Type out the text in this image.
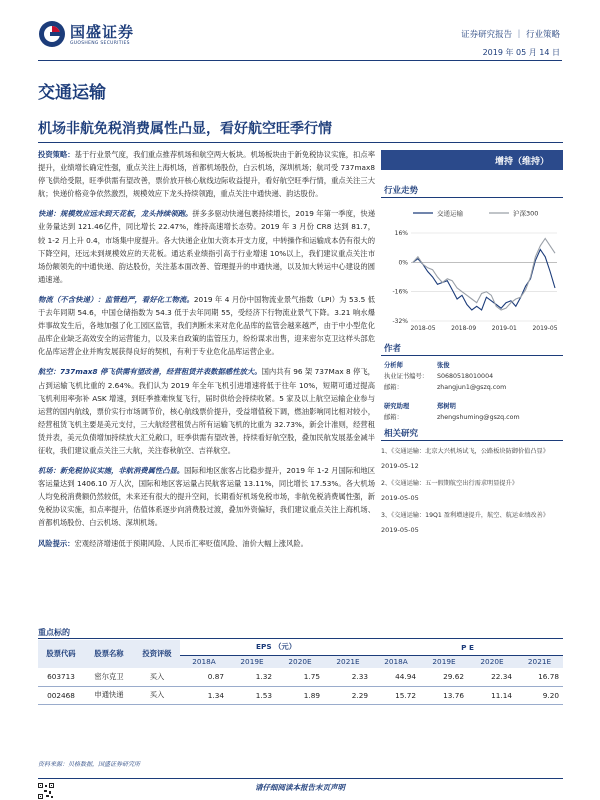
国盛证券
GUOSHENG SECURITIES
证券研究报告 ｜ 行业策略
2019 年 05 月 14 日
交通运输
机场非航免税消费属性凸显，看好航空旺季行情

投资策略：基于行业景气度，我们重点推荐机场和航空两大板块。机场板块由于新免税协议实施，扣点率提升，业绩增长确定性强，重点关注上海机场，首都机场股份，白云机场，深圳机场；航司受 737max8 停飞供给受限，旺季供需有望改善，票价放开核心航线边际收益提升，看好航空旺季行情，重点关注三大航；快递价格竞争依然激烈，规模效应下龙头持续领跑，重点关注中通快递、韵达股份。

快递：规模效应远未到天花板，龙头持续领跑。拼多多驱动快递包裹持续增长，2019 年第一季度，快递业务量达到 121.46亿件，同比增长 22.47%，维持高速增长态势。2019 年 3 月份 CR8 达到 81.7，较 1-2 月上升 0.4，市场集中度提升。各大快递企业加大资本开支力度，中转操作和运输成本仍有很大的下降空间，还远未到规模效应的天花板。通达系业绩指引高于行业增速 10%以上，我们建议重点关注市场份额领先的中通快递、韵达股份，关注基本面改善、管理提升的申通快递，以及加大转运中心建设的圆通速递。

物流（不含快递）：监管趋严，看好化工物流。2019 年 4 月份中国物流业景气指数（LPI）为 53.5 低于去年同期 54.6，中国仓储指数为 54.3 低于去年同期 55，受经济下行物流业景气下降。3.21 响水爆炸事故发生后，各地加强了化工园区监管，我们判断未来对危化品库的监管会越来越严，由于中小型危化品库企业缺乏高效安全的运营能力，以及来自政策的监管压力，纷纷谋求出售，迎来密尔克卫这样头部危化品库运营企业并购发展获得良好的契机，有利于专业危化品库运营企业。

航空：737max8 停飞供需有望改善，经营租赁并表数据感性放大。国内共有 96 架 737Max 8 停飞，占到运输飞机比重的 2.64%。我们认为 2019 年全年飞机引进增速将低于往年 10%，短期可通过提高飞机利用率弥补 ASK 增速，到旺季推难恢复飞行，届时供给会持续收紧。5 家及以上航空运输企业参与运营的国内航线，票价实行市场调节价，核心航线票价提升，受益增值税下调，燃油影响同比相对较小，经营租赁飞机主要是美元支付，三大航经营租赁占所有运输飞机的比重为 32.73%，新会计准则，经营租赁并表，美元负债增加持续放大汇兑敞口，旺季供需有望改善，持续看好航空股，叠加民航发展基金减半征收，我们建议重点关注三大航，关注春秋航空、吉祥航空。

机场：新免税协议实施，非航消费属性凸显。国际和地区旅客占比稳步提升，2019 年 1-2 月国际和地区客运量达到 1406.10 万人次，国际和地区客运量占民航客运量 13.11%，同比增长 17.53%。各大机场人均免税消费额仍然较低，未来还有很大的提升空间，长期看好机场免税市场，非航免税消费属性强，新免税协议实施，扣点率提升，估值体系逐步向消费股过渡，叠加外资偏好，我们建议重点关注上海机场、首都机场股份、白云机场、深圳机场。

风险提示：宏观经济增速低于预期风险、人民币汇率贬值风险、油价大幅上涨风险。

增持（维持）
行业走势
交通运输	沪深300
16%
0%
-16%
-32%
2018-05	2018-09	2019-01	2019-05
作者
分析师	张俊
执业证书编号： S0680518010004
邮箱：	zhangjun1@gszq.com
研究助理	郑树明
邮箱：	zhengshuming@gszq.com
相关研究
1、《交通运输：北京大兴机场试飞，公路板块防御价值凸显》2019-05-12
2、《交通运输：五一假期航空出行需求明显提升》
2019-05-05
3、《交通运输：19Q1 盈利增速提升，航空、航运业绩改善》2019-05-05
重点标的
股票代码	股票名称	投资评级	EPS （元）				P E			
			2018A	2019E	2020E	2021E	2018A	2019E	2020E	2021E
603713	密尔克卫	买入	0.87	1.32	1.75	2.33	44.94	29.62	22.34	16.78
002468	申通快递	买入	1.34	1.53	1.89	2.29	15.72	13.76	11.14	9.20
资料来源：贝格数据，国盛证券研究所
请仔细阅读本报告末页声明
